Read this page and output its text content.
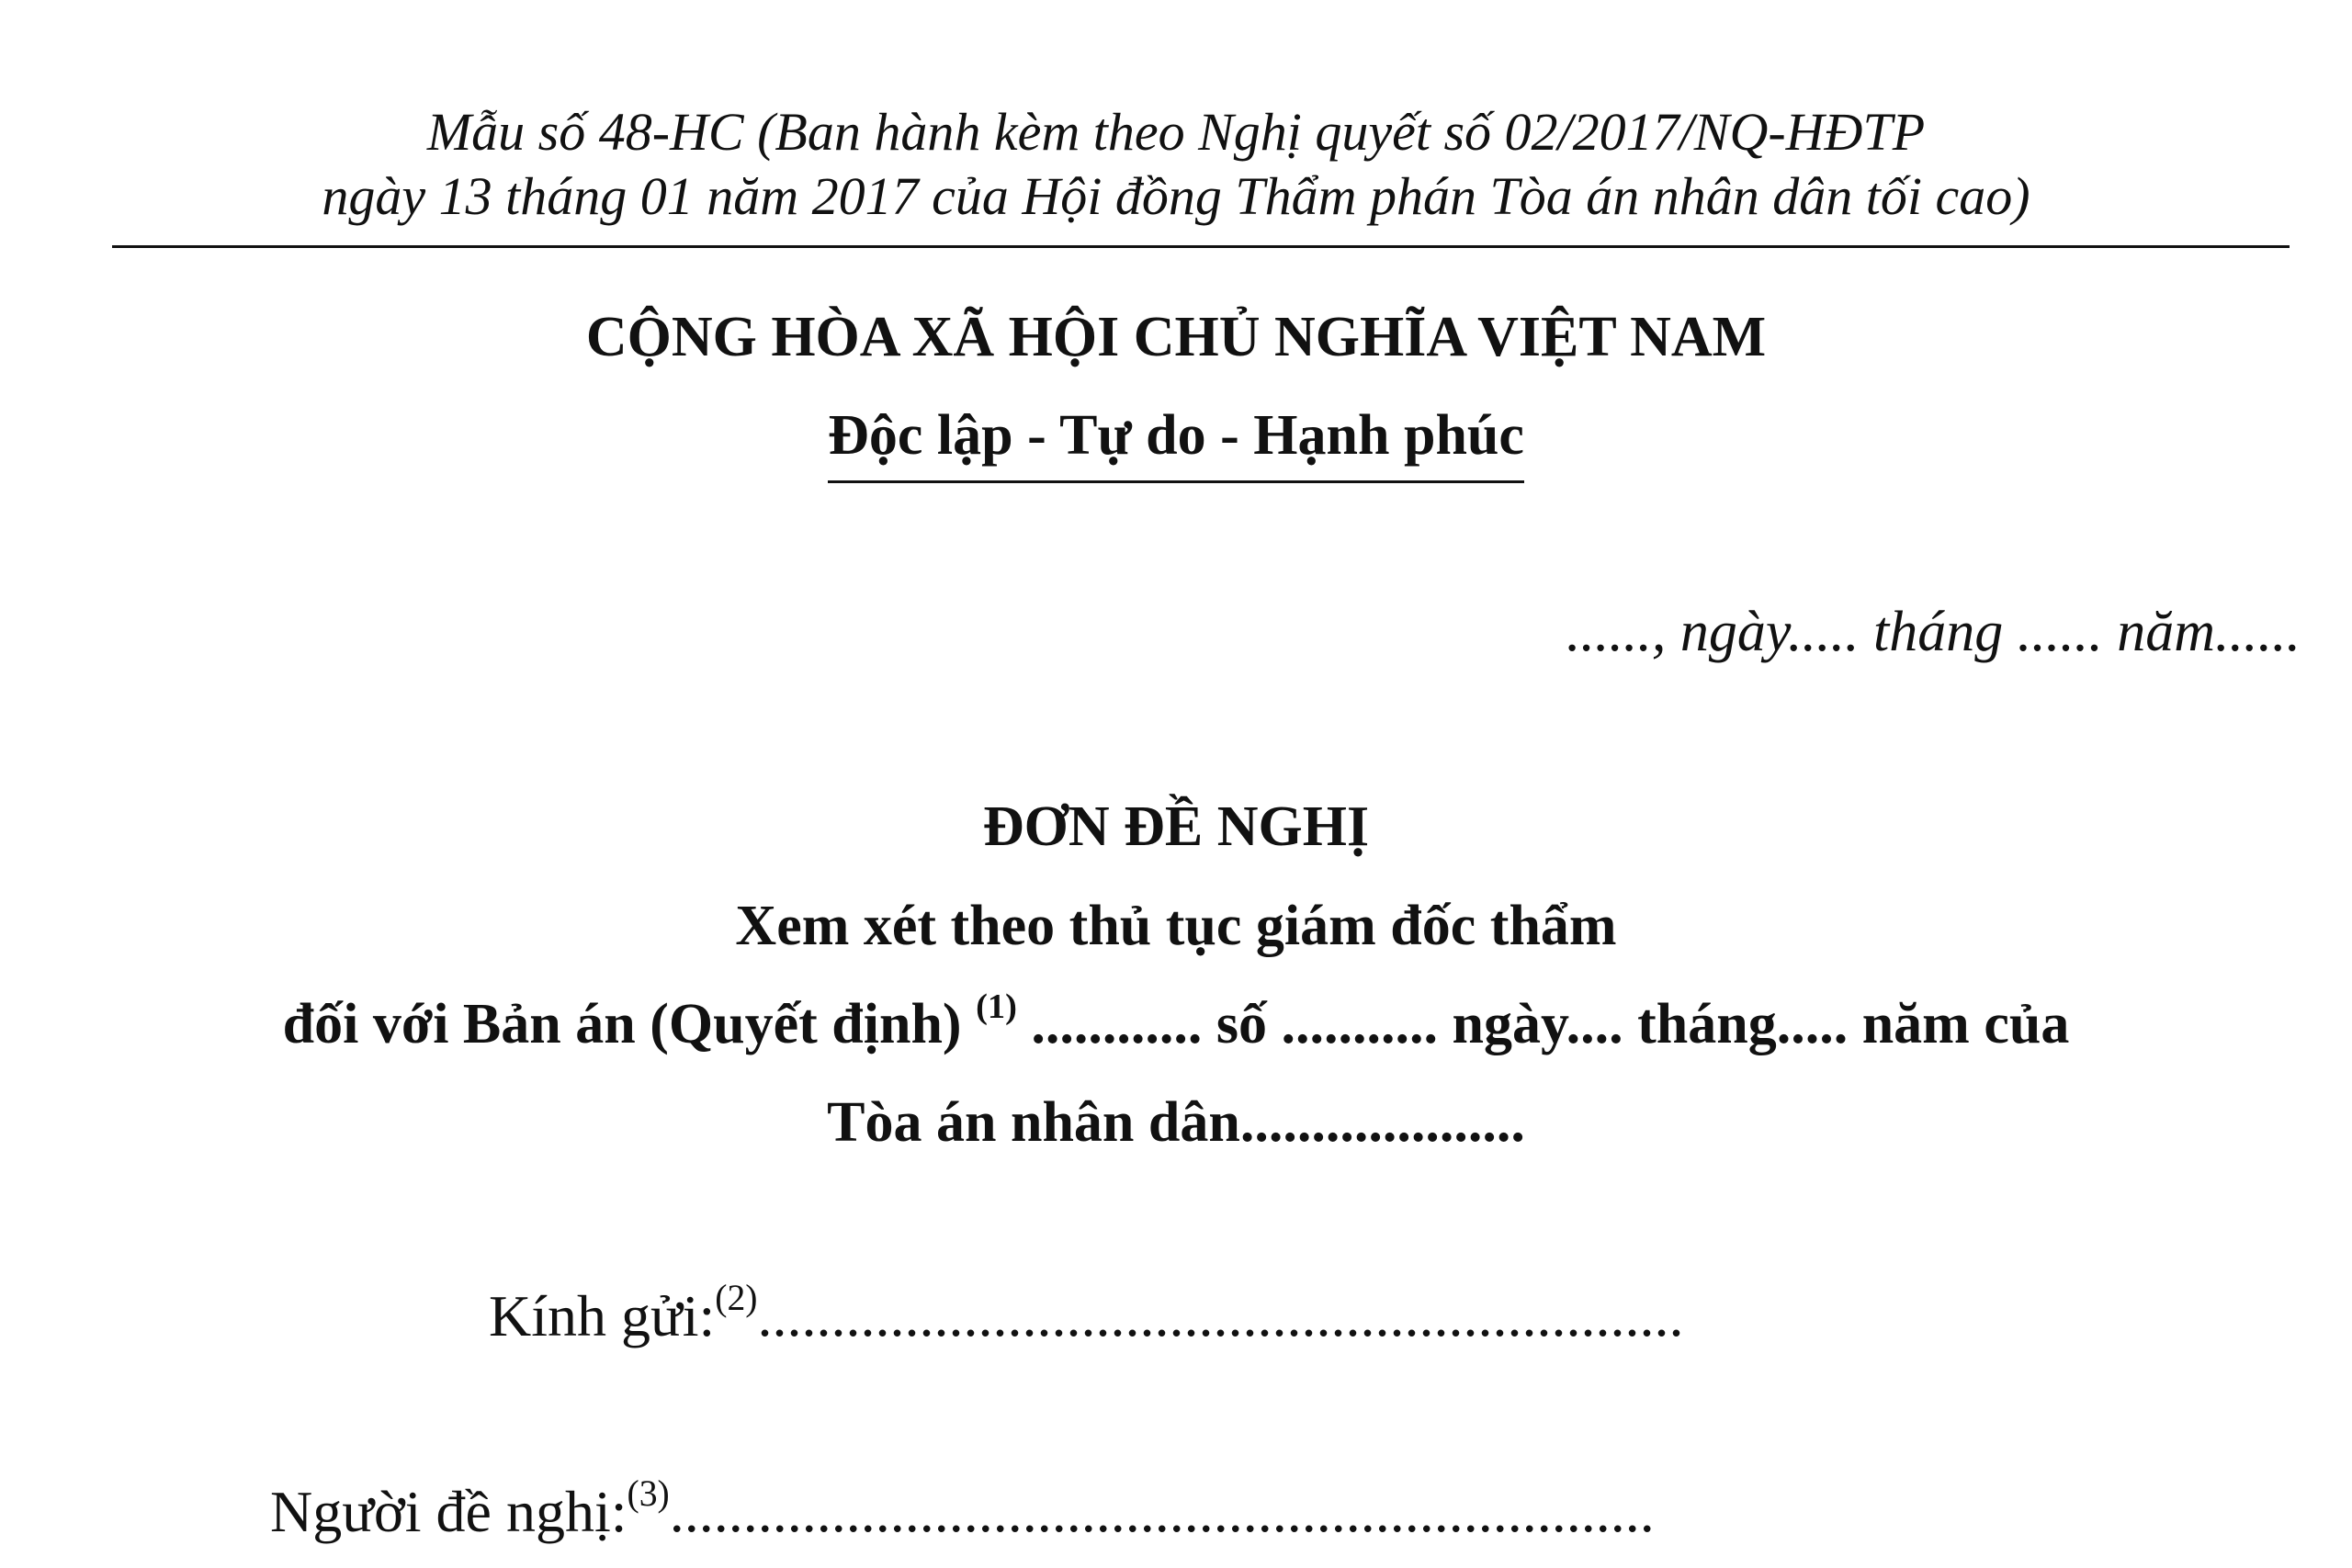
Mẫu số 48-HC (Ban hành kèm theo Nghị quyết số 02/2017/NQ-HĐTP
ngày 13 tháng 01 năm 2017 của Hội đồng Thẩm phán Tòa án nhân dân tối cao)
CỘNG HÒA XÃ HỘI CHỦ NGHĨA VIỆT NAM
Độc lập - Tự do - Hạnh phúc
......, ngày..... tháng ...... năm......
ĐƠN ĐỀ NGHỊ
Xem xét theo thủ tục giám đốc thẩm
đối với Bản án (Quyết định) $^{(1)}$ ............ số ........... ngày.... tháng..... năm của
Tòa án nhân dân....................
Kính gửi:$^{(2)}$...............................................................
Người đề nghị:$^{(3)}$...................................................................
